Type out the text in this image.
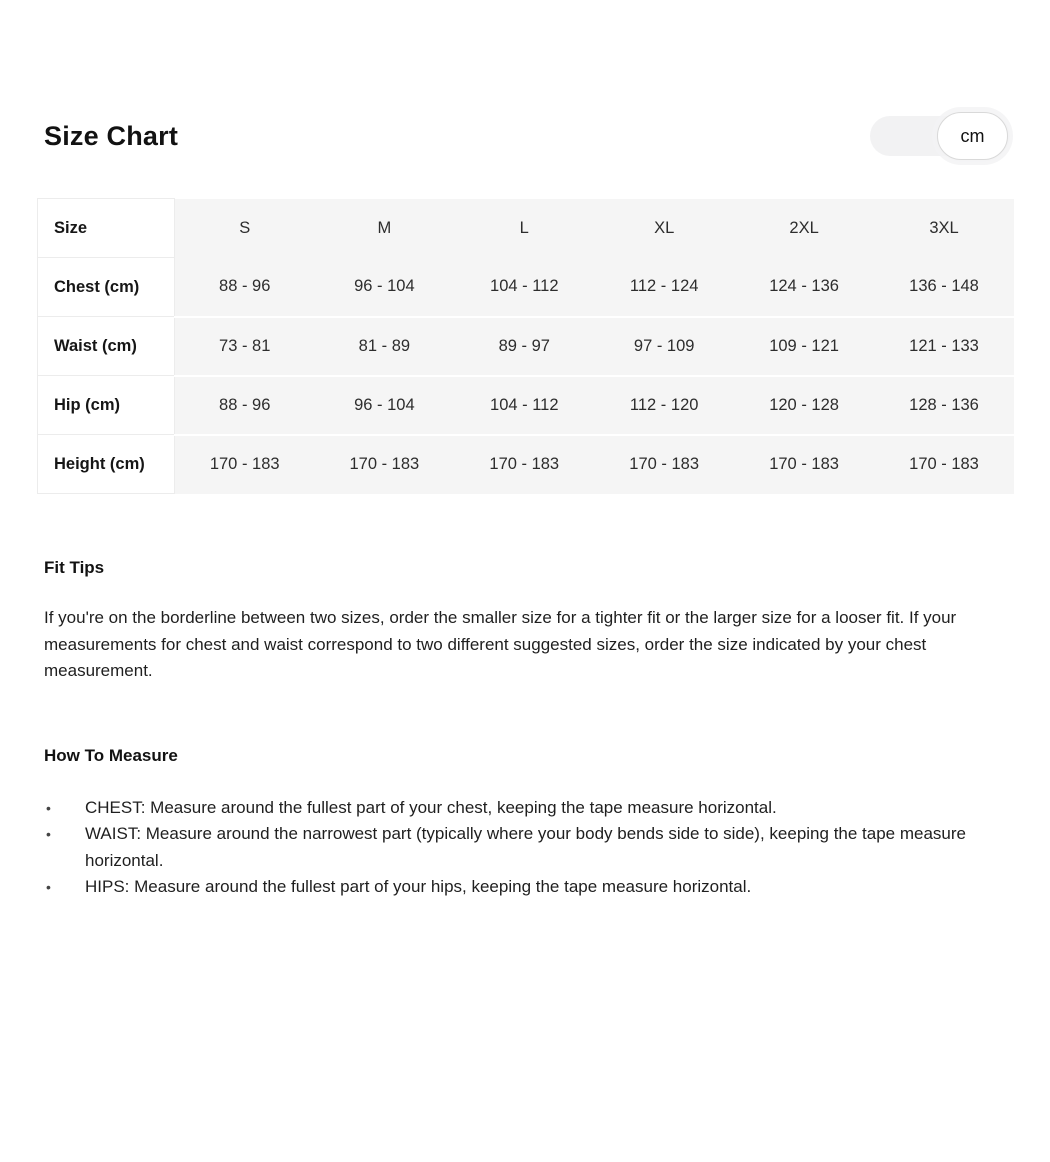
Size Chart	cm
Size	S	M	L	XL	2XL	3XL
Chest (cm)	88 - 96	96 - 104	104 - 112	112 - 124	124 - 136	136 - 148
Waist (cm)	73 - 81	81 - 89	89 - 97	97 - 109	109 - 121	121 - 133
Hip (cm)	88 - 96	96 - 104	104 - 112	112 - 120	120 - 128	128 - 136
Height (cm)	170 - 183	170 - 183	170 - 183	170 - 183	170 - 183	170 - 183
Fit Tips

If you're on the borderline between two sizes, order the smaller size for a tighter fit or the larger size for a looser fit. If your measurements for chest and waist correspond to two different suggested sizes, order the size indicated by your chest measurement.

How To Measure
• CHEST: Measure around the fullest part of your chest, keeping the tape measure horizontal.
• WAIST: Measure around the narrowest part (typically where your body bends side to side), keeping the tape measure horizontal.
• HIPS: Measure around the fullest part of your hips, keeping the tape measure horizontal.
